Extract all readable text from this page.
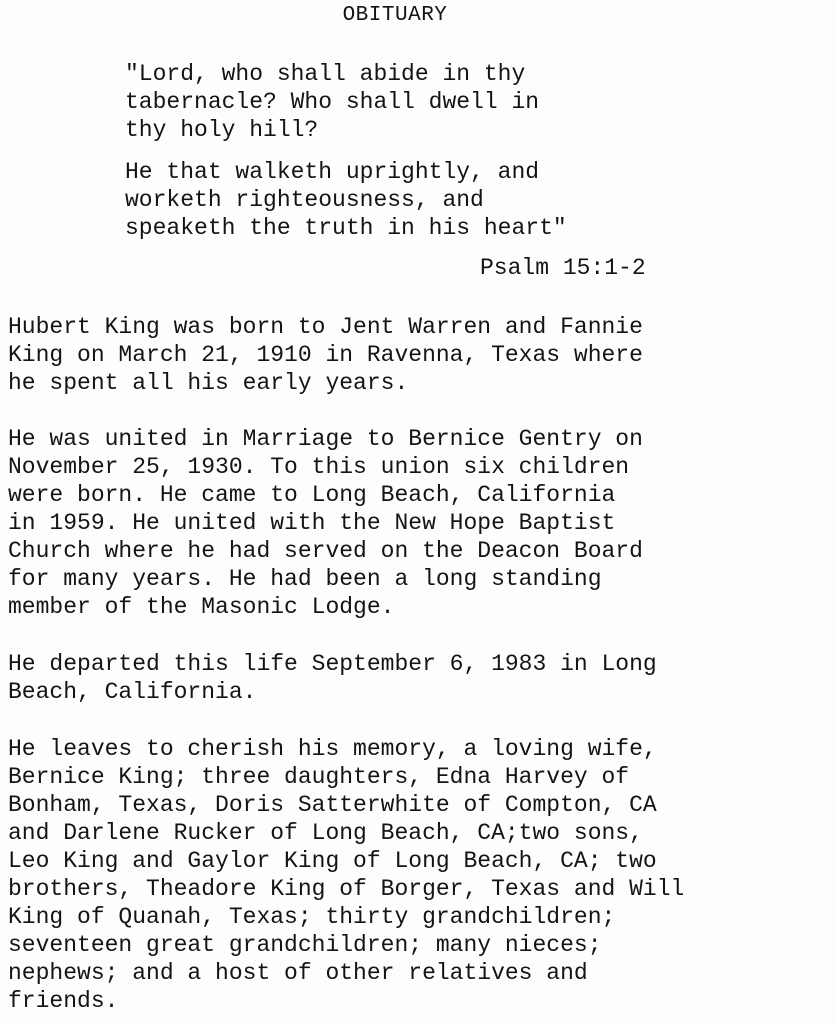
OBITUARY
"Lord, who shall abide in thy
tabernacle? Who shall dwell in
thy holy hill?
He that walketh uprightly, and
worketh righteousness, and
speaketh the truth in his heart"
Psalm 15:1-2
Hubert King was born to Jent Warren and Fannie
King on March 21, 1910 in Ravenna, Texas where
he spent all his early years.
He was united in Marriage to Bernice Gentry on
November 25, 1930. To this union six children
were born. He came to Long Beach, California
in 1959. He united with the New Hope Baptist
Church where he had served on the Deacon Board
for many years. He had been a long standing
member of the Masonic Lodge.
He departed this life September 6, 1983 in Long
Beach, California.
He leaves to cherish his memory, a loving wife,
Bernice King; three daughters, Edna Harvey of
Bonham, Texas, Doris Satterwhite of Compton, CA
and Darlene Rucker of Long Beach, CA;two sons,
Leo King and Gaylor King of Long Beach, CA; two
brothers, Theadore King of Borger, Texas and Will
King of Quanah, Texas; thirty grandchildren;
seventeen great grandchildren; many nieces;
nephews; and a host of other relatives and
friends.
